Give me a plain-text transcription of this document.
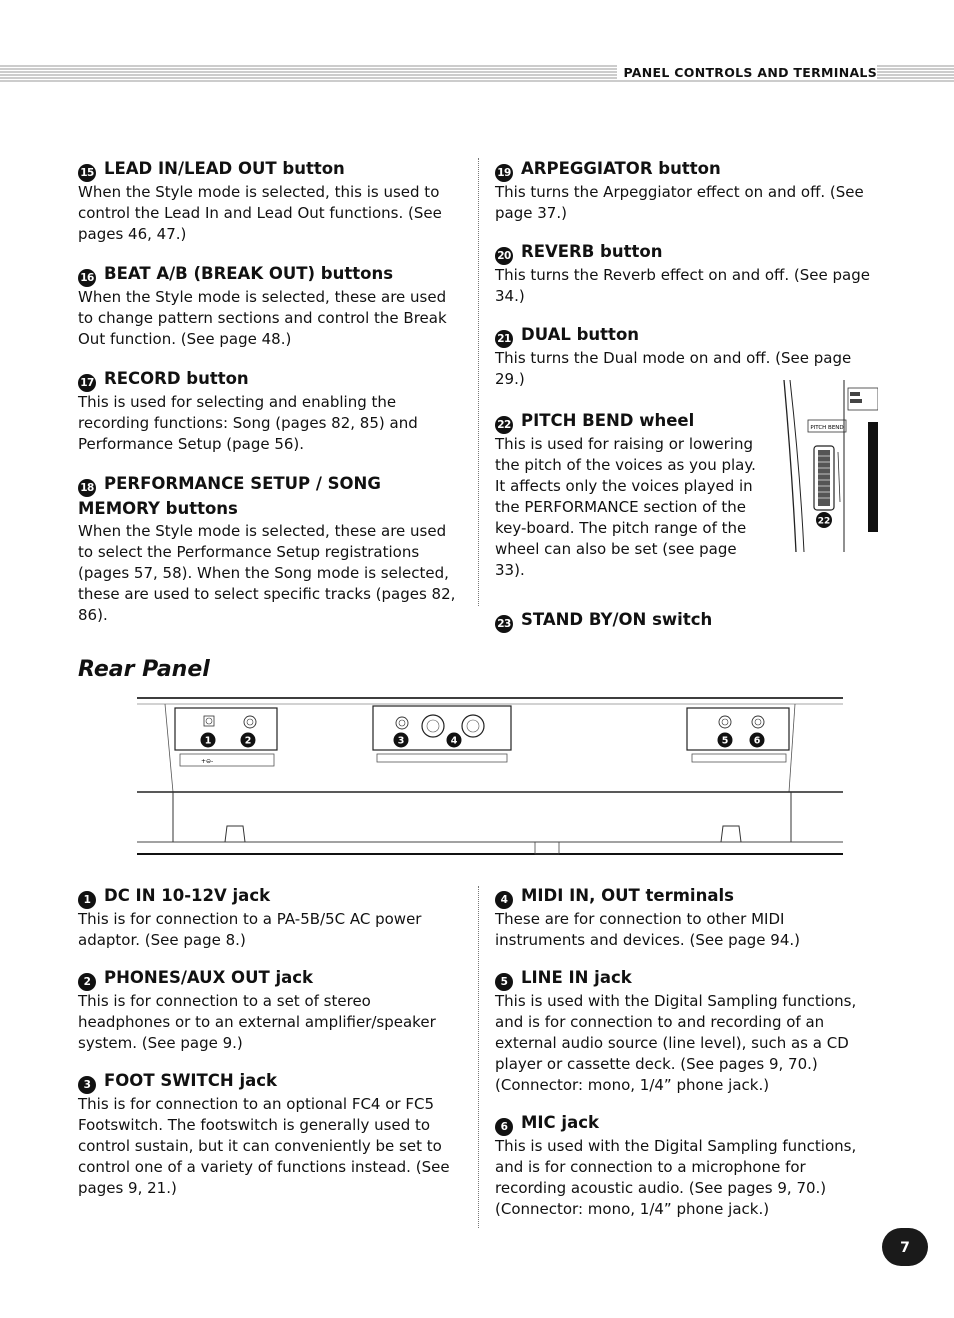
PANEL CONTROLS AND TERMINALS
15 LEAD IN/LEAD OUT button

When the Style mode is selected, this is used to control the Lead In and Lead Out functions. (See pages 46, 47.)

16 BEAT A/B (BREAK OUT) buttons

When the Style mode is selected, these are used to change pattern sections and control the Break Out function. (See page 48.)

17 RECORD button

This is used for selecting and enabling the recording functions: Song (pages 82, 85) and Performance Setup (page 56).

18 PERFORMANCE SETUP / SONG MEMORY buttons

When the Style mode is selected, these are used to select the Performance Setup registrations (pages 57, 58). When the Song mode is selected, these are used to select specific tracks (pages 82, 86).

19 ARPEGGIATOR button

This turns the Arpeggiator effect on and off. (See page 37.)

20 REVERB button

This turns the Reverb effect on and off. (See page 34.)

21 DUAL button

This turns the Dual mode on and off. (See page 29.)

22 PITCH BEND wheel

This is used for raising or lowering the pitch of the voices as you play. It affects only the voices played in the PERFORMANCE section of the key-board. The pitch range of the wheel can also be set (see page 33).

23 STAND BY/ON switch
PITCH BEND
22
Rear Panel
+⊖-
1	2	3	4	5	6
1 DC IN 10-12V jack

This is for connection to a PA-5B/5C AC power adaptor. (See page 8.)

2 PHONES/AUX OUT jack

This is for connection to a set of stereo headphones or to an external amplifier/speaker system. (See page 9.)

3 FOOT SWITCH jack

This is for connection to an optional FC4 or FC5 Footswitch. The footswitch is generally used to control sustain, but it can conveniently be set to control one of a variety of functions instead. (See pages 9, 21.)

4 MIDI IN, OUT terminals

These are for connection to other MIDI instruments and devices. (See page 94.)

5 LINE IN jack

This is used with the Digital Sampling functions, and is for connection to and recording of an external audio source (line level), such as a CD player or cassette deck. (See pages 9, 70.) (Connector: mono, 1/4” phone jack.)

6 MIC jack

This is used with the Digital Sampling functions, and is for connection to a microphone for recording acoustic audio. (See pages 9, 70.) (Connector: mono, 1/4” phone jack.)

7
